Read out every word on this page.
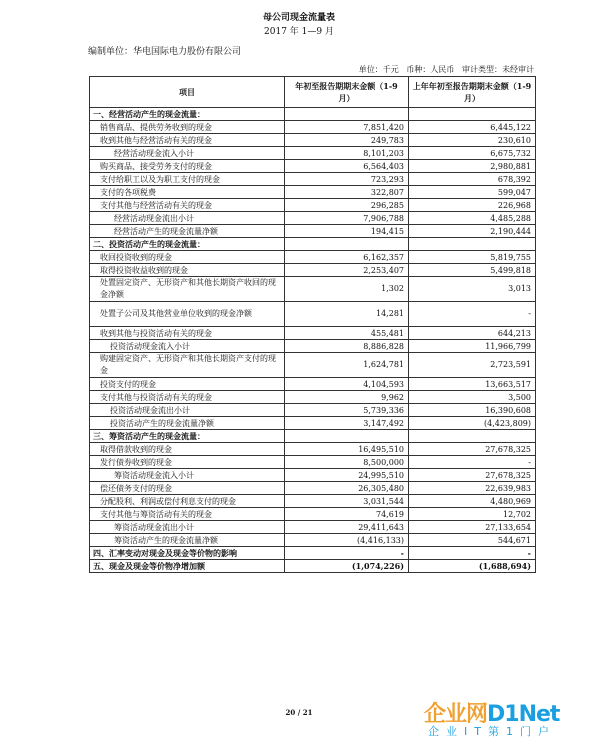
母公司现金流量表
2017 年 1—9 月
编制单位：华电国际电力股份有限公司
单位：千元   币种：人民币   审计类型：未经审计
项目	年初至报告期期末金额（1-9 月）	上年年初至报告期期末金额（1-9 月）
一、经营活动产生的现金流量：		
销售商品、提供劳务收到的现金	7,851,420	6,445,122
收到其他与经营活动有关的现金	249,783	230,610
经营活动现金流入小计	8,101,203	6,675,732
购买商品、接受劳务支付的现金	6,564,403	2,980,881
支付给职工以及为职工支付的现金	723,293	678,392
支付的各项税费	322,807	599,047
支付其他与经营活动有关的现金	296,285	226,968
经营活动现金流出小计	7,906,788	4,485,288
经营活动产生的现金流量净额	194,415	2,190,444
二、投资活动产生的现金流量：		
收回投资收到的现金	6,162,357	5,819,755
取得投资收益收到的现金	2,253,407	5,499,818
处置固定资产、无形资产和其他长期资产收回的现金净额	1,302	3,013
处置子公司及其他营业单位收到的现金净额	14,281	-
收到其他与投资活动有关的现金	455,481	644,213
投资活动现金流入小计	8,886,828	11,966,799
购建固定资产、无形资产和其他长期资产支付的现金	1,624,781	2,723,591
投资支付的现金	4,104,593	13,663,517
支付其他与投资活动有关的现金	9,962	3,500
投资活动现金流出小计	5,739,336	16,390,608
投资活动产生的现金流量净额	3,147,492	(4,423,809)
三、筹资活动产生的现金流量：		
取得借款收到的现金	16,495,510	27,678,325
发行债券收到的现金	8,500,000	-
筹资活动现金流入小计	24,995,510	27,678,325
偿还债务支付的现金	26,305,480	22,639,983
分配股利、利润或偿付利息支付的现金	3,031,544	4,480,969
支付其他与筹资活动有关的现金	74,619	12,702
筹资活动现金流出小计	29,411,643	27,133,654
筹资活动产生的现金流量净额	(4,416,133)	544,671
四、汇率变动对现金及现金等价物的影响	-	-
五、现金及现金等价物净增加额	(1,074,226)	(1,688,694)
20 / 21	企业网D1Net
企业IT第1门户
